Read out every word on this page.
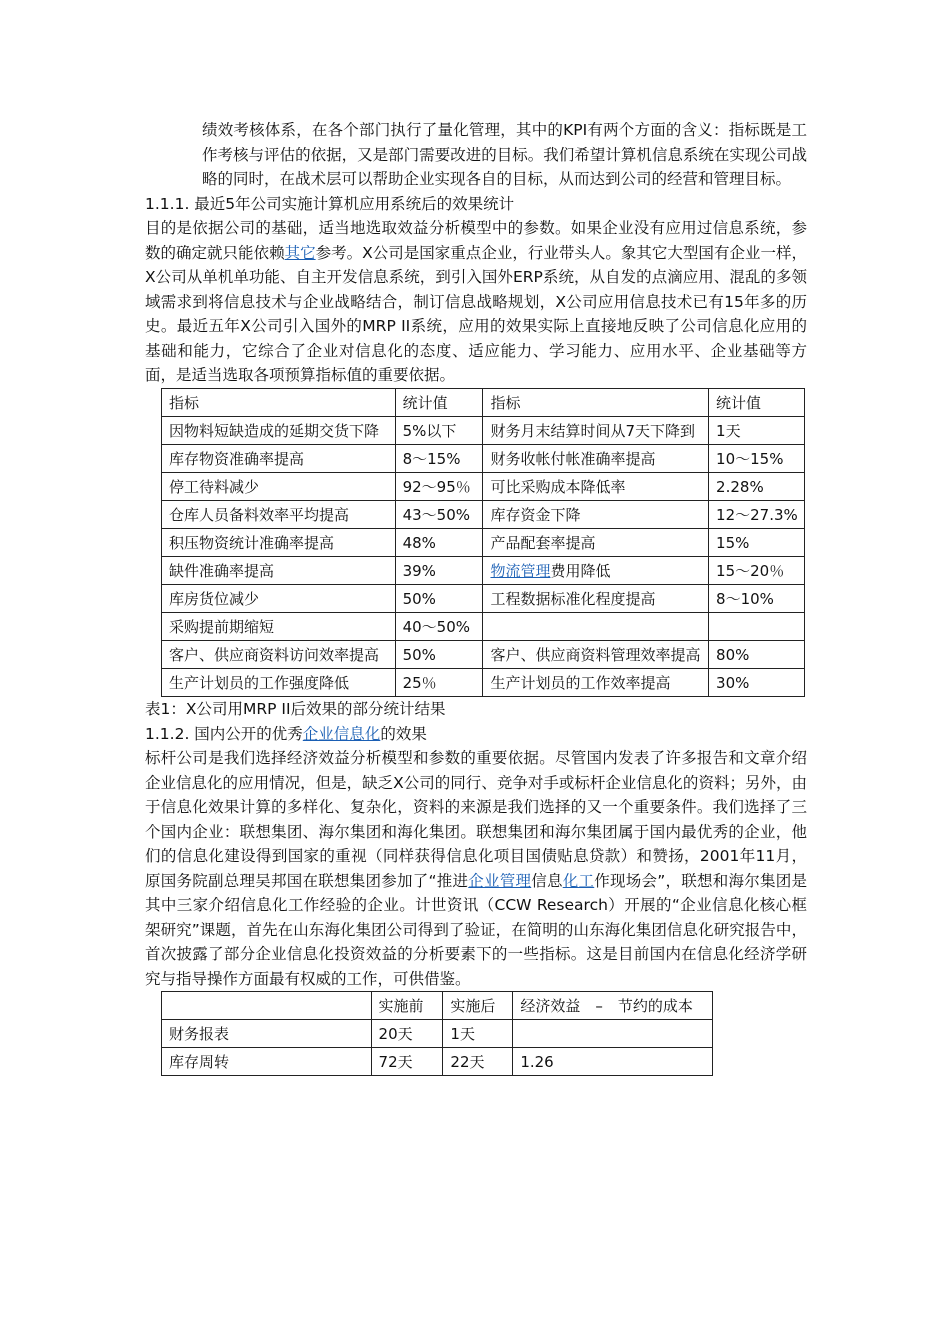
绩效考核体系，在各个部门执行了量化管理，其中的KPI有两个方面的含义：指标既是工作考核与评估的依据，又是部门需要改进的目标。我们希望计算机信息系统在实现公司战略的同时，在战术层可以帮助企业实现各自的目标，从而达到公司的经营和管理目标。

1.1.1. 最近5年公司实施计算机应用系统后的效果统计

目的是依据公司的基础，适当地选取效益分析模型中的参数。如果企业没有应用过信息系统，参数的确定就只能依赖其它参考。X公司是国家重点企业，行业带头人。象其它大型国有企业一样，X公司从单机单功能、自主开发信息系统，到引入国外ERP系统，从自发的点滴应用、混乱的多领域需求到将信息技术与企业战略结合，制订信息战略规划，X公司应用信息技术已有15年多的历史。最近五年X公司引入国外的MRP II系统，应用的效果实际上直接地反映了公司信息化应用的基础和能力，它综合了企业对信息化的态度、适应能力、学习能力、应用水平、企业基础等方面，是适当选取各项预算指标值的重要依据。

指标	统计值	指标	统计值
因物料短缺造成的延期交货下降	5%以下	财务月末结算时间从7天下降到	1天
库存物资准确率提高	8～15%	财务收帐付帐准确率提高	10～15%
停工待料减少	92～95％	可比采购成本降低率	2.28%
仓库人员备料效率平均提高	43～50%	库存资金下降	12～27.3%
积压物资统计准确率提高	48%	产品配套率提高	15%
缺件准确率提高	39%	物流管理费用降低	15～20％
库房货位减少	50%	工程数据标准化程度提高	8～10%
采购提前期缩短	40～50%		
客户、供应商资料访问效率提高	50%	客户、供应商资料管理效率提高	80%
生产计划员的工作强度降低	25％	生产计划员的工作效率提高	30%

表1：X公司用MRP II后效果的部分统计结果

1.1.2. 国内公开的优秀企业信息化的效果

标杆公司是我们选择经济效益分析模型和参数的重要依据。尽管国内发表了许多报告和文章介绍企业信息化的应用情况，但是，缺乏X公司的同行、竞争对手或标杆企业信息化的资料；另外，由于信息化效果计算的多样化、复杂化，资料的来源是我们选择的又一个重要条件。我们选择了三个国内企业：联想集团、海尔集团和海化集团。联想集团和海尔集团属于国内最优秀的企业，他们的信息化建设得到国家的重视（同样获得信息化项目国债贴息贷款）和赞扬，2001年11月，原国务院副总理吴邦国在联想集团参加了“推进企业管理信息化工作现场会”，联想和海尔集团是其中三家介绍信息化工作经验的企业。计世资讯（CCW Research）开展的“企业信息化核心框架研究”课题，首先在山东海化集团公司得到了验证，在简明的山东海化集团信息化研究报告中，首次披露了部分企业信息化投资效益的分析要素下的一些指标。这是目前国内在信息化经济学研究与指导操作方面最有权威的工作，可供借鉴。

	实施前	实施后	经济效益　–　节约的成本
财务报表	20天	1天	
库存周转	72天	22天	1.26
